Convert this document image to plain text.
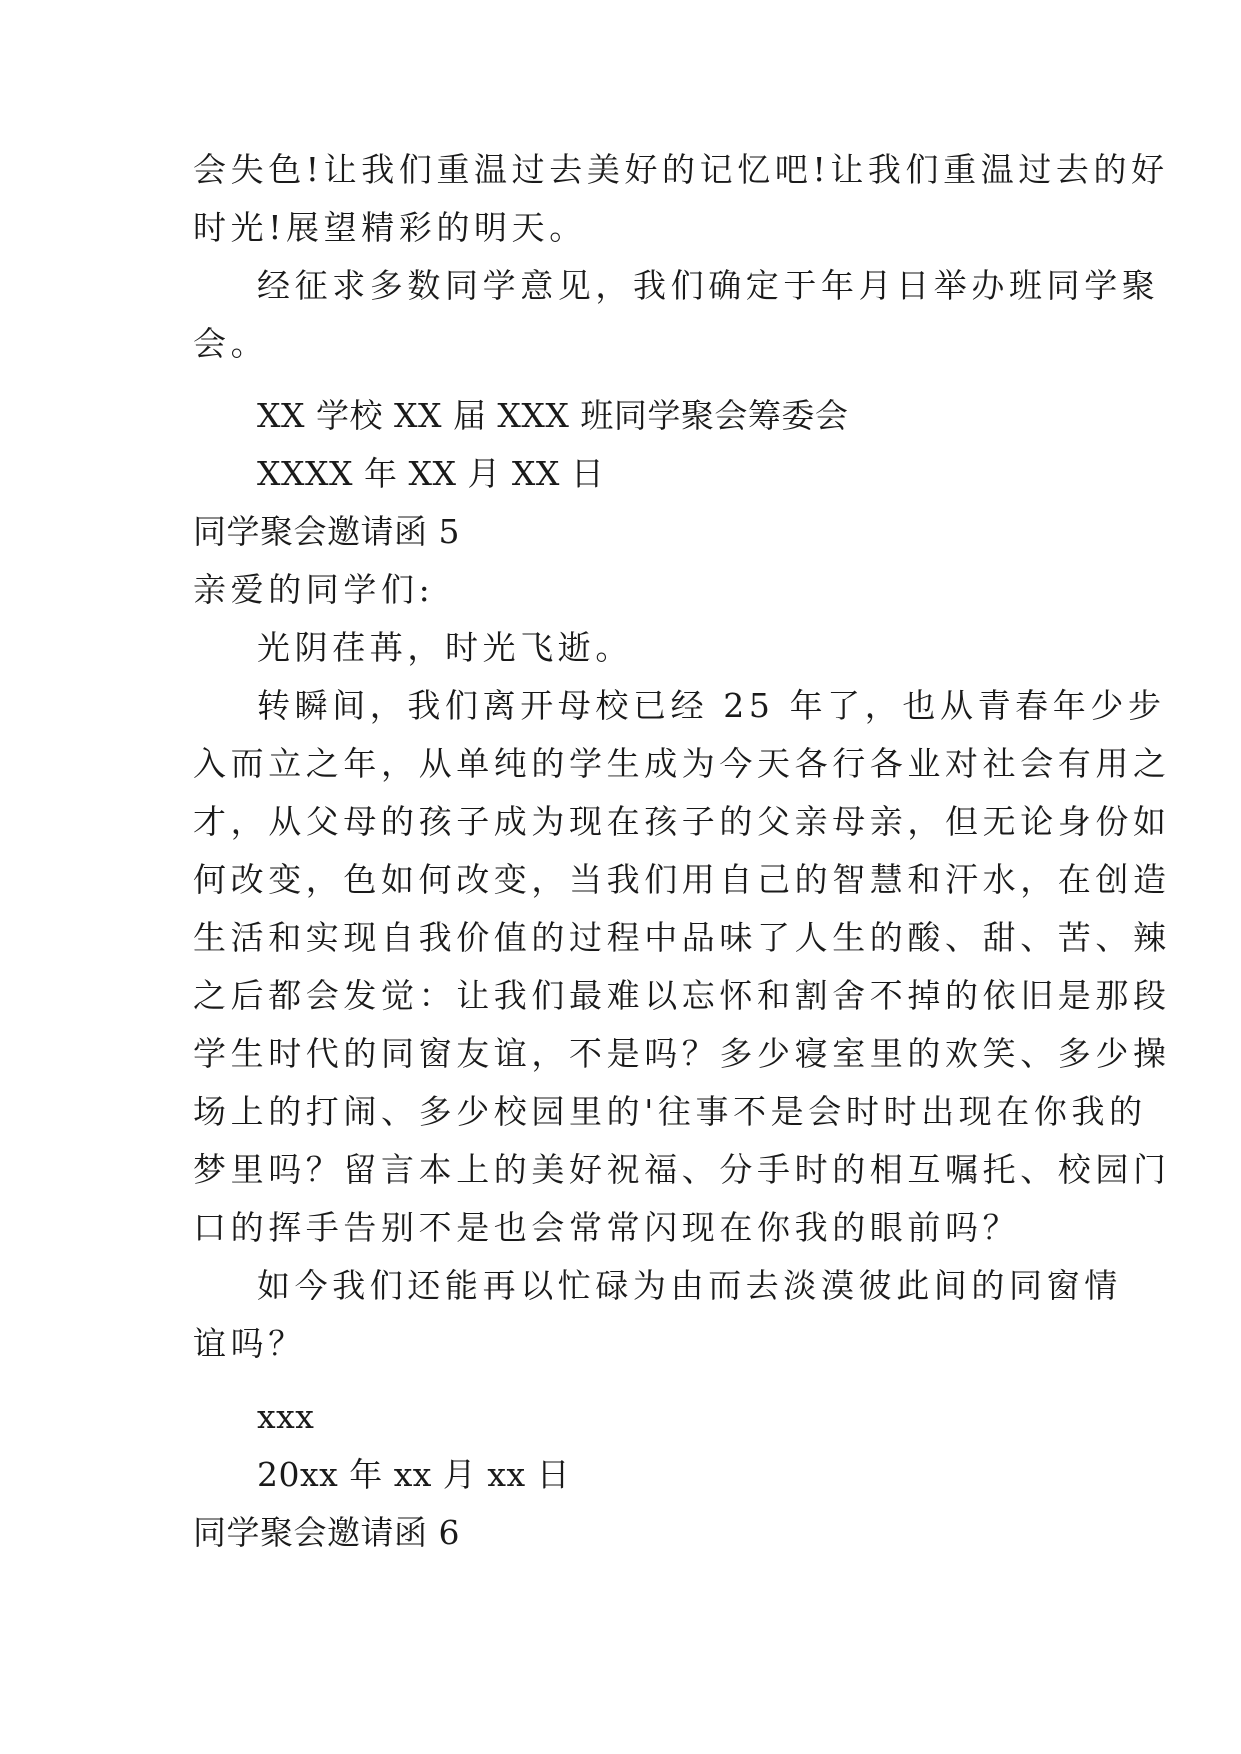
会失色!让我们重温过去美好的记忆吧!让我们重温过去的好
时光!展望精彩的明天。
经征求多数同学意见，我们确定于年月日举办班同学聚
会。
XX 学校 XX 届 XXX 班同学聚会筹委会
XXXX 年 XX 月 XX 日
同学聚会邀请函 5
亲爱的同学们:
光阴荏苒，时光飞逝。
转瞬间，我们离开母校已经 25 年了，也从青春年少步
入而立之年，从单纯的学生成为今天各行各业对社会有用之
才，从父母的孩子成为现在孩子的父亲母亲，但无论身份如
何改变，色如何改变，当我们用自己的智慧和汗水，在创造
生活和实现自我价值的过程中品味了人生的酸、甜、苦、辣
之后都会发觉：让我们最难以忘怀和割舍不掉的依旧是那段
学生时代的同窗友谊，不是吗？多少寝室里的欢笑、多少操
场上的打闹、多少校园里的'往事不是会时时出现在你我的
梦里吗？留言本上的美好祝福、分手时的相互嘱托、校园门
口的挥手告别不是也会常常闪现在你我的眼前吗？
如今我们还能再以忙碌为由而去淡漠彼此间的同窗情
谊吗？
xxx
20xx 年 xx 月 xx 日
同学聚会邀请函 6
